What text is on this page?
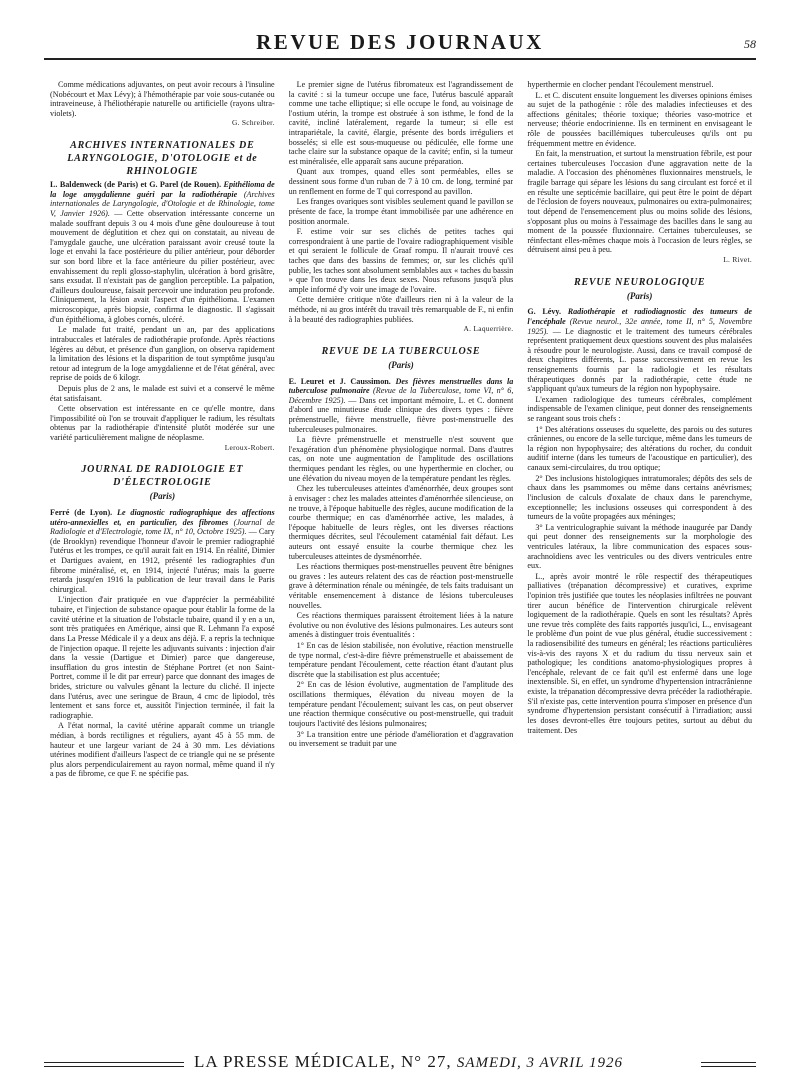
REVUE DES JOURNAUX	58

Comme médications adjuvantes, on peut avoir recours à l'insuline (Nobécourt et Max Lévy); à l'hémothérapie par voie sous-cutanée ou intraveineuse, à l'héliothérapie naturelle ou artificielle (rayons ultra-violets).

G. Schreiber.
ARCHIVES INTERNATIONALES DE LARYNGOLOGIE, D'OTOLOGIE et de RHINOLOGIE

L. Baldenweck (de Paris) et G. Parel (de Rouen). Epithélioma de la loge amygdalienne guéri par la radiothérapie (Archives internationales de Laryngologie, d'Otologie et de Rhinologie, tome V, Janvier 1926). — Cette observation intéressante concerne un malade souffrant depuis 3 ou 4 mois d'une gêne douloureuse à tout mouvement de déglutition et chez qui on constatait, au niveau de l'amygdale gauche, une ulcération paraissant avoir creusé toute la loge et envahi la face postérieure du pilier antérieur, pour déborder sur son bord libre et la face antérieure du pilier postérieur, avec envahissement du repli glosso-staphylin, ulcération à bord grisâtre, sans exsudat. Il n'existait pas de ganglion perceptible. La palpation, d'ailleurs douloureuse, faisait percevoir une induration peu profonde. Cliniquement, la lésion avait l'aspect d'un épithélioma. L'examen microscopique, après biopsie, confirma le diagnostic. Il s'agissait d'un épithélioma, à globes cornés, ulcéré.

Le malade fut traité, pendant un an, par des applications intrabuccales et latérales de radiothérapie profonde. Après réactions légères au début, et présence d'un ganglion, on observa rapidement la limitation des lésions et la disparition de tout symptôme jusqu'au retour ad integrum de la loge amygdalienne et de l'état général, avec reprise de poids de 6 kilogr.

Depuis plus de 2 ans, le malade est suivi et a conservé le même état satisfaisant.

Cette observation est intéressante en ce qu'elle montre, dans l'impossibilité où l'on se trouvait d'appliquer le radium, les résultats obtenus par la radiothérapie d'intensité plutôt modérée sur une variété particulièrement maligne de néoplasme.

Leroux-Robert.
JOURNAL DE RADIOLOGIE ET D'ÉLECTROLOGIE
(Paris)

Ferré (de Lyon). Le diagnostic radiographique des affections utéro-annexielles et, en particulier, des fibromes (Journal de Radiologie et d'Electrologie, tome IX, n° 10, Octobre 1925). — Cary (de Brooklyn) revendique l'honneur d'avoir le premier radiographié l'utérus et les trompes, ce qu'il aurait fait en 1914. En réalité, Dimier et Dartigues avaient, en 1912, présenté les radiographies d'un fibrome minéralisé, et, en 1914, injecté l'utérus; mais la guerre retarda jusqu'en 1916 la publication de leur travail dans le Paris chirurgical.

L'injection d'air pratiquée en vue d'apprécier la perméabilité tubaire, et l'injection de substance opaque pour établir la forme de la cavité utérine et la situation de l'obstacle tubaire, quand il y en a un, sont très pratiquées en Amérique, ainsi que R. Lehmann l'a exposé dans La Presse Médicale il y a deux ans déjà. F. a repris la technique de l'injection opaque. Il rejette les adjuvants suivants : injection d'air dans la vessie (Dartigue et Dimier) parce que dangereuse, insufflation du gros intestin de Stéphane Portret (et non Saint-Portret, comme il le dit par erreur) parce que donnant des images de brides, stricture ou valvules gênant la lecture du cliché. Il injecte dans l'utérus, avec une seringue de Braun, 4 cmc de lipiodol, très lentement et sans force et, aussitôt l'injection terminée, il fait la radiographie.

A l'état normal, la cavité utérine apparaît comme un triangle médian, à bords rectilignes et réguliers, ayant 45 à 55 mm. de hauteur et une largeur variant de 24 à 30 mm. Les déviations utérines modifient d'ailleurs l'aspect de ce triangle qui ne se présente plus alors perpendiculairement au rayon normal, même quand il n'y a pas de fibrome, ce que F. ne spécifie pas.

Le premier signe de l'utérus fibromateux est l'agrandissement de la cavité : si la tumeur occupe une face, l'utérus basculé apparaît comme une tache elliptique; si elle occupe le fond, au voisinage de l'ostium utérin, la trompe est obstruée à son isthme, le fond de la cavité, incliné latéralement, regarde la tumeur; si elle est intrapariétale, la cavité, élargie, présente des bords irréguliers et bosselés; si elle est sous-muqueuse ou pédiculée, elle forme une tache claire sur la substance opaque de la cavité; enfin, si la tumeur est minéralisée, elle apparaît sans aucune préparation.

Quant aux trompes, quand elles sont perméables, elles se dessinent sous forme d'un ruban de 7 à 10 cm. de long, terminé par un renflement en forme de T qui correspond au pavillon.

Les franges ovariques sont visibles seulement quand le pavillon se présente de face, la trompe étant immobilisée par une adhérence en position anormale.

F. estime voir sur ses clichés de petites taches qui correspondraient à une partie de l'ovaire radiographiquement visible et qui seraient le follicule de Graaf rompu. Il n'aurait trouvé ces taches que dans des bassins de femmes; or, sur les clichés qu'il publie, les taches sont absolument semblables aux « taches du bassin » que l'on trouve dans les deux sexes. Nous refusons jusqu'à plus ample informé d'y voir une image de l'ovaire.

Cette dernière critique n'ôte d'ailleurs rien ni à la valeur de la méthode, ni au gros intérêt du travail très remarquable de F., ni enfin à la beauté des radiographies publiées.

A. Laquerrière.
REVUE DE LA TUBERCULOSE
(Paris)

E. Leuret et J. Caussimon. Des fièvres menstruelles dans la tuberculose pulmonaire (Revue de la Tuberculose, tome VI, n° 6, Décembre 1925). — Dans cet important mémoire, L. et C. donnent d'abord une minutieuse étude clinique des divers types : fièvre prémenstruelle, fièvre menstruelle, fièvre post-menstruelle des tuberculeuses pulmonaires.

La fièvre prémenstruelle et menstruelle n'est souvent que l'exagération d'un phénomène physiologique normal. Dans d'autres cas, on note une augmentation de l'amplitude des oscillations thermiques pendant les règles, ou une hyperthermie en clocher, ou une élévation du niveau moyen de la température pendant les règles.

Chez les tuberculeuses atteintes d'aménorrhée, deux groupes sont à envisager : chez les malades atteintes d'aménorrhée silencieuse, on ne trouve, à l'époque habituelle des règles, aucune modification de la courbe thermique; en cas d'aménorrhée active, les malades, à l'époque habituelle de leurs règles, ont les diverses réactions thermiques décrites, seul l'écoulement cataménial fait défaut. Les auteurs ont essayé ensuite la courbe thermique chez les tuberculeuses atteintes de dysménorrhée.

Les réactions thermiques post-menstruelles peuvent être bénignes ou graves : les auteurs relatent des cas de réaction post-menstruelle grave à détermination rénale ou méningée, de tels faits traduisant un véritable ensemencement à distance de lésions tuberculeuses nouvelles.

Ces réactions thermiques paraissent étroitement liées à la nature évolutive ou non évolutive des lésions pulmonaires. Les auteurs sont amenés à distinguer trois éventualités :

1° En cas de lésion stabilisée, non évolutive, réaction menstruelle de type normal, c'est-à-dire fièvre prémenstruelle et abaissement de température pendant l'écoulement, cette réaction étant d'autant plus discrète que la stabilisation est plus accentuée;

2° En cas de lésion évolutive, augmentation de l'amplitude des oscillations thermiques, élévation du niveau moyen de la température pendant l'écoulement; suivant les cas, on peut observer une réaction thermique consécutive ou post-menstruelle, qui traduit toujours l'activité des lésions pulmonaires;

3° La transition entre une période d'amélioration et d'aggravation ou inversement se traduit par une

hyperthermie en clocher pendant l'écoulement menstruel.

L. et C. discutent ensuite longuement les diverses opinions émises au sujet de la pathogénie : rôle des maladies infectieuses et des affections génitales; théorie toxique; théories vaso-motrice et nerveuse; théorie endocrinienne. Ils en terminent en envisageant le rôle de poussées bacillémiques tuberculeuses qu'ils ont pu fréquemment mettre en évidence.

En fait, la menstruation, et surtout la menstruation fébrile, est pour certaines tuberculeuses l'occasion d'une aggravation nette de la maladie. A l'occasion des phénomènes fluxionnaires menstruels, le fragile barrage qui sépare les lésions du sang circulant est forcé et il en résulte une septicémie bacillaire, qui peut être le point de départ de l'éclosion de foyers nouveaux, pulmonaires ou extra-pulmonaires; tout dépend de l'ensemencement plus ou moins solide des lésions, s'opposant plus ou moins à l'essaimage des bacilles dans le sang au moment de la poussée fluxionnaire. Certaines tuberculeuses, se réinfectant elles-mêmes chaque mois à l'occasion de leurs règles, se détruisent ainsi peu à peu.

L. Rivet.
REVUE NEUROLOGIQUE
(Paris)

G. Lévy. Radiothérapie et radiodiagnostic des tumeurs de l'encéphale (Revue neurol., 32e année, tome II, n° 5, Novembre 1925). — Le diagnostic et le traitement des tumeurs cérébrales représentent pratiquement deux questions souvent des plus malaisées à résoudre pour le neurologiste. Aussi, dans ce travail composé de deux chapitres différents, L. passe successivement en revue les renseignements fournis par la radiologie et les résultats thérapeutiques donnés par la radiothérapie, cette étude ne s'appliquant qu'aux tumeurs de la région non hypophysaire.

L'examen radiologique des tumeurs cérébrales, complément indispensable de l'examen clinique, peut donner des renseignements se rangeant sous trois chefs :

1° Des altérations osseuses du squelette, des parois ou des sutures crâniennes, ou encore de la selle turcique, même dans les tumeurs de la région non hypophysaire; des altérations du rocher, du conduit auditif interne (dans les tumeurs de l'acoustique en particulier), des canaux semi-circulaires, du trou optique;

2° Des inclusions histologiques intratumorales; dépôts des sels de chaux dans les psammomes ou même dans certains anévrismes; l'inclusion de calculs d'oxalate de chaux dans le parenchyme, exceptionnelle; les inclusions osseuses qui correspondent à des tumeurs de la voûte propagées aux méninges;

3° La ventriculographie suivant la méthode inaugurée par Dandy qui peut donner des renseignements sur la morphologie des ventricules latéraux, la libre communication des espaces sous-arachnoïdiens avec les ventricules ou des divers ventricules entre eux.

L., après avoir montré le rôle respectif des thérapeutiques palliatives (trépanation décompressive) et curatives, exprime l'opinion très justifiée que toutes les néoplasies infiltrées ne pouvant tirer aucun bénéfice de l'intervention chirurgicale relèvent logiquement de la radiothérapie. Quels en sont les résultats? Après une revue très complète des faits rapportés jusqu'ici, L., envisageant le problème d'un point de vue plus général, étudie successivement : la radiosensibilité des tumeurs en général; les réactions particulières vis-à-vis des rayons X et du radium du tissu nerveux sain et pathologique; les conditions anatomo-physiologiques propres à l'encéphale, relevant de ce fait qu'il est enfermé dans une loge inextensible. Si, en effet, un syndrome d'hypertension intracrânienne existe, la trépanation décompressive devra précéder la radiothérapie. S'il n'existe pas, cette intervention pourra s'imposer en présence d'un syndrome d'hypertension persistant consécutif à l'irradiation; aussi les doses devront-elles être toujours petites, surtout au début du traitement. Des

LA PRESSE MÉDICALE, N° 27, SAMEDI, 3 AVRIL 1926
